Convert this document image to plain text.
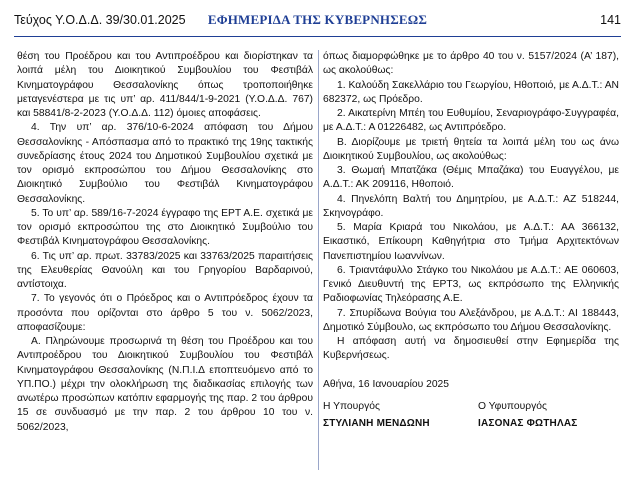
Τεύχος Υ.Ο.Δ.Δ. 39/30.01.2025	ΕΦΗΜΕΡΙΔΑ ΤΗΣ ΚΥΒΕΡΝΗΣΕΩΣ	141

θέση του Προέδρου και του Αντιπροέδρου και διορίστηκαν τα λοιπά μέλη του Διοικητικού Συμβουλίου του Φεστιβάλ Κινηματογράφου Θεσσαλονίκης όπως τροποποιήθηκε μεταγενέστερα με τις υπ’ αρ. 411/844/1-9-2021 (Υ.Ο.Δ.Δ. 767) και 58841/8-2-2023 (Υ.Ο.Δ.Δ. 112) όμοιες αποφάσεις.

4. Την υπ’ αρ. 376/10-6-2024 απόφαση του Δήμου Θεσσαλονίκης - Απόσπασμα από το πρακτικό της 19ης τακτικής συνεδρίασης έτους 2024 του Δημοτικού Συμβουλίου σχετικά με τον ορισμό εκπροσώπου του Δήμου Θεσσαλονίκης στο Διοικητικό Συμβούλιο του Φεστιβάλ Κινηματογράφου Θεσσαλονίκης.

5. Το υπ’ αρ. 589/16-7-2024 έγγραφο της ΕΡΤ Α.Ε. σχετικά με τον ορισμό εκπροσώπου της στο Διοικητικό Συμβούλιο του Φεστιβάλ Κινηματογράφου Θεσσαλονίκης.

6. Τις υπ’ αρ. πρωτ. 33783/2025 και 33763/2025 παραιτήσεις της Ελευθερίας Θανούλη και του Γρηγορίου Βαρδαρινού, αντίστοιχα.

7. Το γεγονός ότι ο Πρόεδρος και ο Αντιπρόεδρος έχουν τα προσόντα που ορίζονται στο άρθρο 5 του ν. 5062/2023, αποφασίζουμε:

Α. Πληρώνουμε προσωρινά τη θέση του Προέδρου και του Αντιπροέδρου του Διοικητικού Συμβουλίου του Φεστιβάλ Κινηματογράφου Θεσσαλονίκης (Ν.Π.Ι.Δ εποπτευόμενο από το ΥΠ.ΠΟ.) μέχρι την ολοκλήρωση της διαδικασίας επιλογής των ανωτέρω προσώπων κατόπιν εφαρμογής της παρ. 2 του άρθρου 15 σε συνδυασμό με την παρ. 2 του άρθρου 10 του ν. 5062/2023,

όπως διαμορφώθηκε με το άρθρο 40 του ν. 5157/2024 (Α’ 187), ως ακολούθως:

1. Καλούδη Σακελλάριο του Γεωργίου, Ηθοποιό, με Α.Δ.Τ.: ΑΝ 682372, ως Πρόεδρο.

2. Αικατερίνη Μπέη του Ευθυμίου, Σεναριογράφο-Συγγραφέα, με Α.Δ.Τ.: Α 01226482, ως Αντιπρόεδρο.

Β. Διορίζουμε με τριετή θητεία τα λοιπά μέλη του ως άνω Διοικητικού Συμβουλίου, ως ακολούθως:

3. Θωμαή Μπατζάκα (Θέμις Μπαζάκα) του Ευαγγέλου, με Α.Δ.Τ.: ΑΚ 209116, Ηθοποιό.

4. Πηνελόπη Βαλτή του Δημητρίου, με Α.Δ.Τ.: ΑΖ 518244, Σκηνογράφο.

5. Μαρία Κριαρά του Νικολάου, με Α.Δ.Τ.: ΑΑ 366132, Εικαστικό, Επίκουρη Καθηγήτρια στο Τμήμα Αρχιτεκτόνων Πανεπιστημίου Ιωαννίνων.

6. Τριαντάφυλλο Στάγκο του Νικολάου με Α.Δ.Τ.: ΑΕ 060603, Γενικό Διευθυντή της ΕΡΤ3, ως εκπρόσωπο της Ελληνικής Ραδιοφωνίας Τηλεόρασης Α.Ε.

7. Σπυρίδωνα Βούγια του Αλεξάνδρου, με Α.Δ.Τ.: ΑΙ 188443, Δημοτικό Σύμβουλο, ως εκπρόσωπο του Δήμου Θεσσαλονίκης.

Η απόφαση αυτή να δημοσιευθεί στην Εφημερίδα της Κυβερνήσεως.

Αθήνα, 16 Ιανουαρίου 2025

Η Υπουργός	Ο Υφυπουργός
ΣΤΥΛΙΑΝΗ ΜΕΝΔΩΝΗ	ΙΑΣΟΝΑΣ ΦΩΤΗΛΑΣ
